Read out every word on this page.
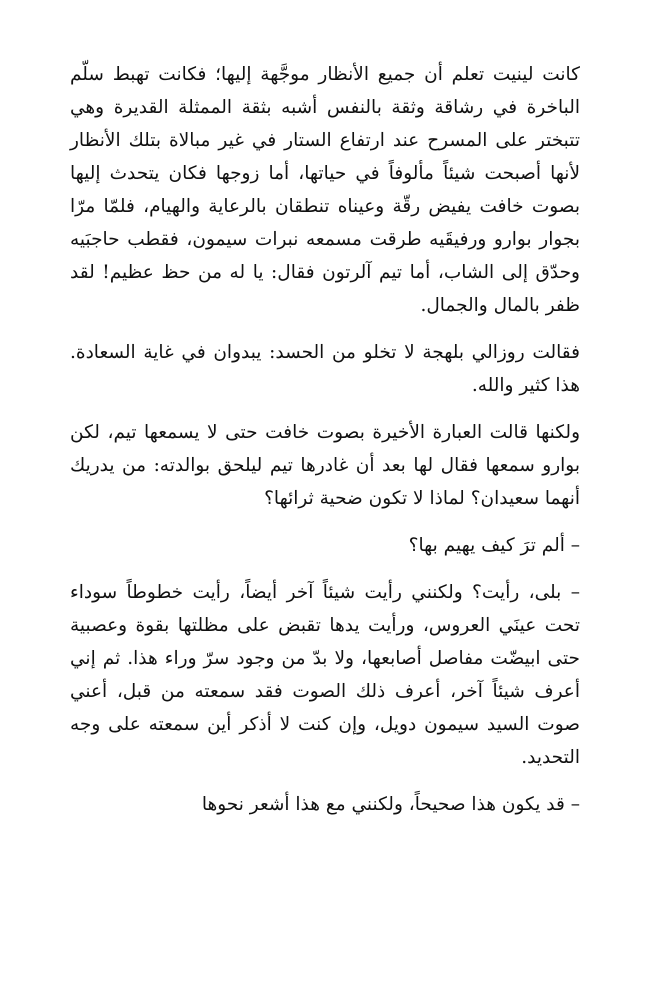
كانت لينيت تعلم أن جميع الأنظار موجَّهة إليها؛ فكانت تهبط سلّم الباخرة في رشاقة وثقة بالنفس أشبه بثقة الممثلة القديرة وهي تتبختر على المسرح عند ارتفاع الستار في غير مبالاة بتلك الأنظار لأنها أصبحت شيئاً مألوفاً في حياتها، أما زوجها فكان يتحدث إليها بصوت خافت يفيض رقّة وعيناه تنطقان بالرعاية والهيام، فلمّا مرّا بجوار بوارو ورفيقَيه طرقت مسمعه نبرات سيمون، فقطب حاجبَيه وحدّق إلى الشاب، أما تيم آلرتون فقال: يا له من حظ عظيم! لقد ظفر بالمال والجمال.

فقالت روزالي بلهجة لا تخلو من الحسد: يبدوان في غاية السعادة. هذا كثير والله.

ولكنها قالت العبارة الأخيرة بصوت خافت حتى لا يسمعها تيم، لكن بوارو سمعها فقال لها بعد أن غادرها تيم ليلحق بوالدته: من يدريك أنهما سعيدان؟ لماذا لا تكون ضحية ثرائها؟

– ألم ترَ كيف يهيم بها؟

– بلى، رأيت؟ ولكنني رأيت شيئاً آخر أيضاً، رأيت خطوطاً سوداء تحت عينَي العروس، ورأيت يدها تقبض على مظلتها بقوة وعصبية حتى ابيضّت مفاصل أصابعها، ولا بدّ من وجود سرّ وراء هذا. ثم إني أعرف شيئاً آخر، أعرف ذلك الصوت فقد سمعته من قبل، أعني صوت السيد سيمون دويل، وإن كنت لا أذكر أين سمعته على وجه التحديد.

– قد يكون هذا صحيحاً، ولكنني مع هذا أشعر نحوها
